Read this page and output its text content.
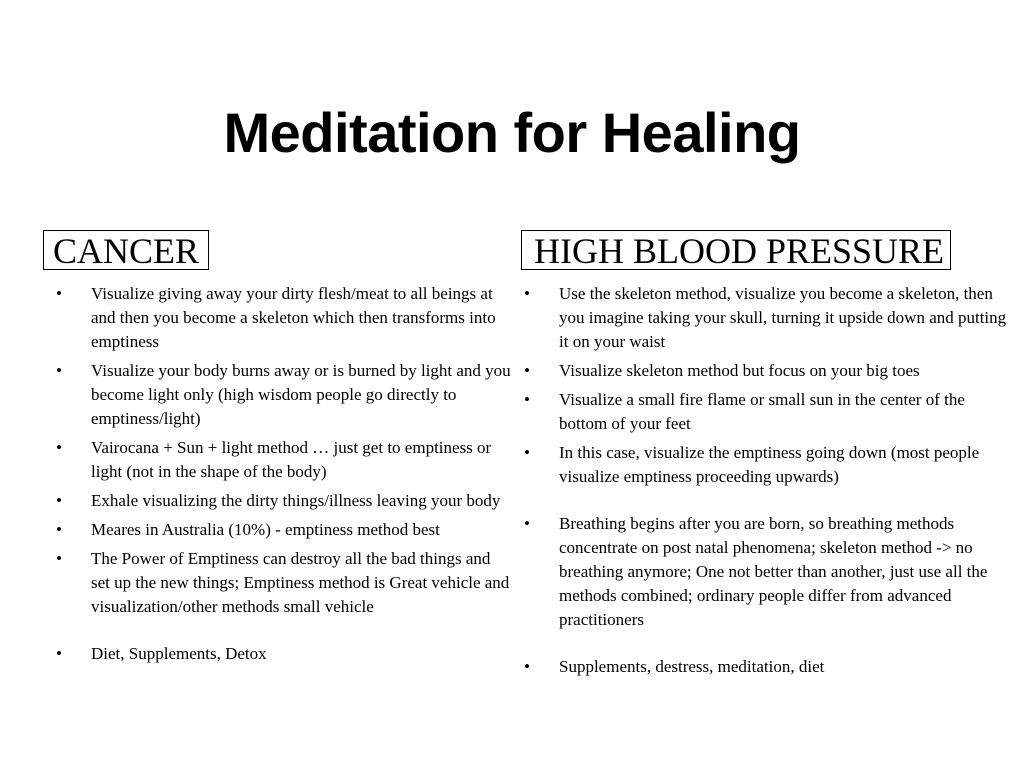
Meditation for Healing
CANCER
•	Visualize giving away your dirty flesh/meat to all beings at and then you become a skeleton which then transforms into emptiness
•	Visualize your body burns away or is burned by light and you become light only (high wisdom people go directly to emptiness/light)
•	Vairocana + Sun + light method … just get to emptiness or light (not in the shape of the body)
•	Exhale visualizing the dirty things/illness leaving your body
•	Meares in Australia (10%) - emptiness method best
•	The Power of Emptiness can destroy all the bad things and set up the new things; Emptiness method is Great vehicle and visualization/other methods small vehicle
•	Diet, Supplements, Detox
HIGH BLOOD PRESSURE
•	Use the skeleton method, visualize you become a skeleton, then you imagine taking your skull, turning it upside down and putting it on your waist
•	Visualize skeleton method but focus on your big toes
•	Visualize a small fire flame or small sun in the center of the bottom of your feet
•	In this case, visualize the emptiness going down (most people visualize emptiness proceeding upwards)
•	Breathing begins after you are born, so breathing methods concentrate on post natal phenomena; skeleton method -> no breathing anymore; One not better than another, just use all the methods combined; ordinary people differ from advanced practitioners
•	Supplements, destress, meditation, diet
